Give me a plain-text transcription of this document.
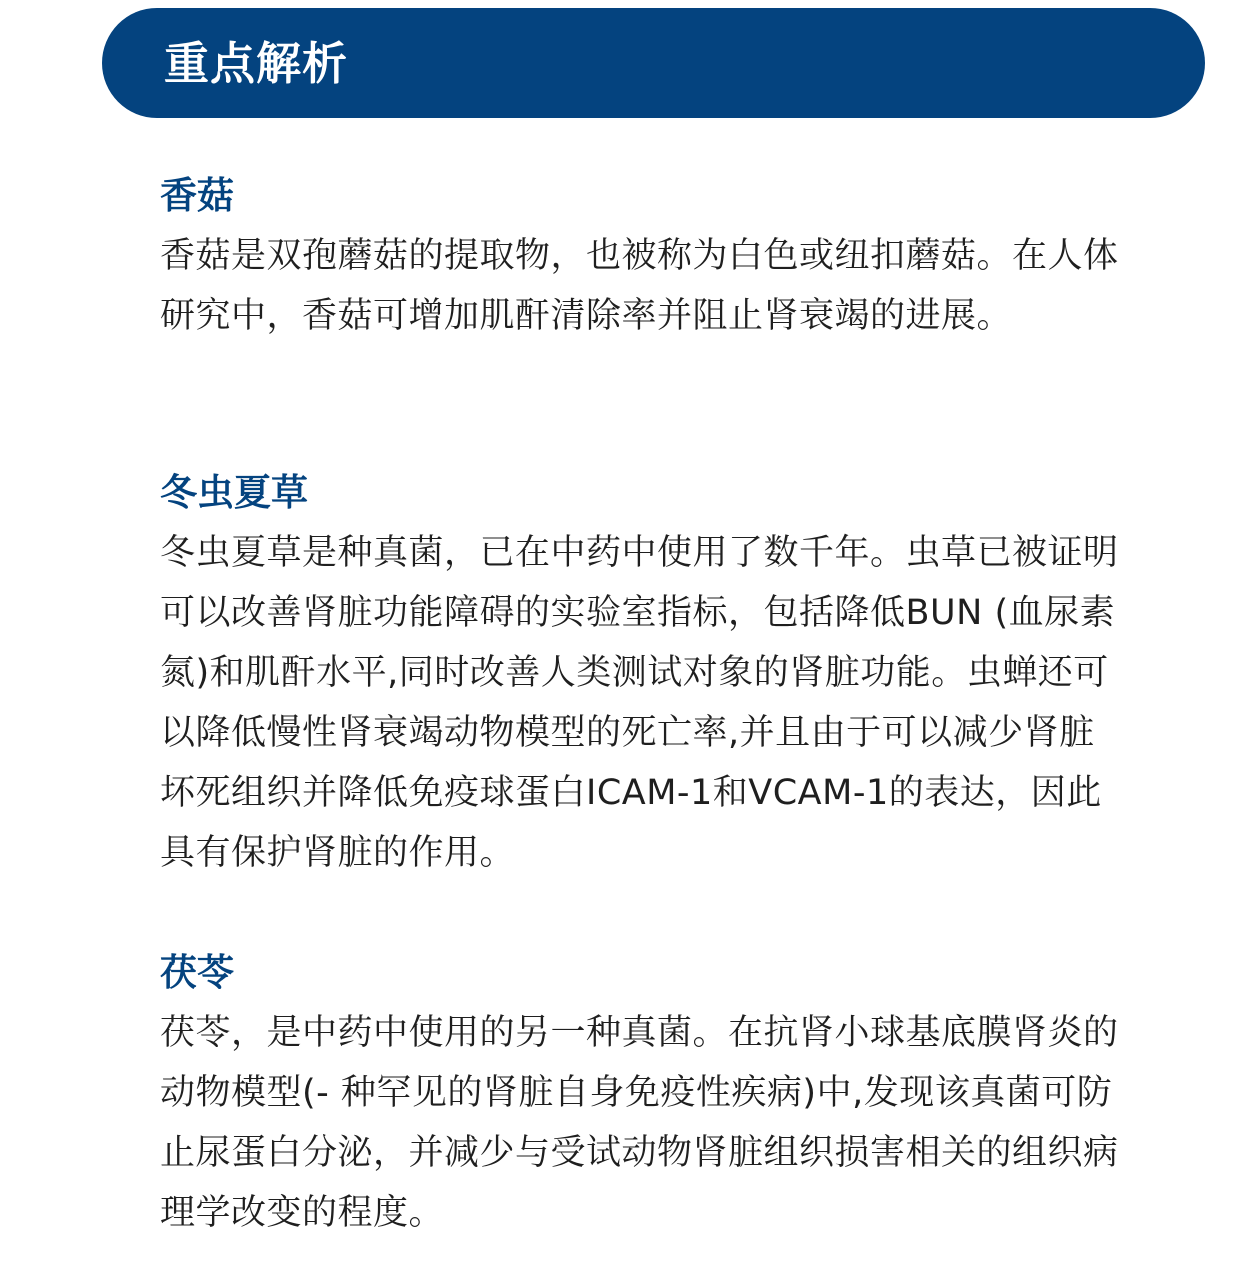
重点解析
香菇

香菇是双孢蘑菇的提取物，也被称为白色或纽扣蘑菇。在人体研究中，香菇可增加肌酐清除率并阻止肾衰竭的进展。

冬虫夏草

冬虫夏草是种真菌，已在中药中使用了数千年。虫草已被证明可以改善肾脏功能障碍的实验室指标，包括降低BUN (血尿素氮)和肌酐水平,同时改善人类测试对象的肾脏功能。虫蝉还可以降低慢性肾衰竭动物模型的死亡率,并且由于可以减少肾脏坏死组织并降低免疫球蛋白ICAM-1和VCAM-1的表达，因此具有保护肾脏的作用。

茯苓

茯苓，是中药中使用的另一种真菌。在抗肾小球基底膜肾炎的动物模型(- 种罕见的肾脏自身免疫性疾病)中,发现该真菌可防止尿蛋白分泌，并减少与受试动物肾脏组织损害相关的组织病理学改变的程度。
